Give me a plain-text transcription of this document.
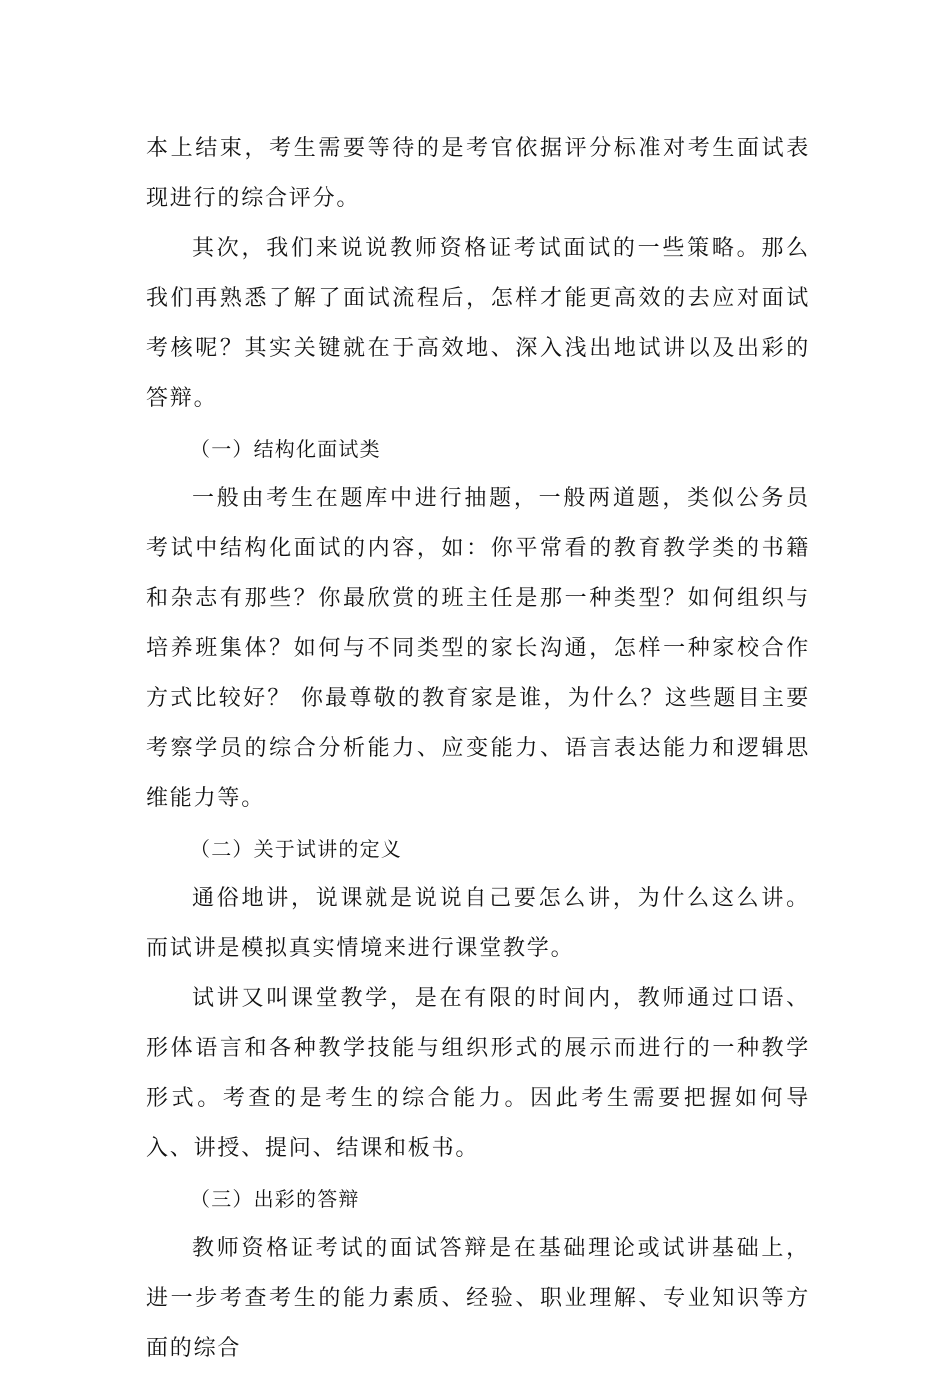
本上结束，考生需要等待的是考官依据评分标准对考生面试表现进行的综合评分。

其次，我们来说说教师资格证考试面试的一些策略。那么我们再熟悉了解了面试流程后，怎样才能更高效的去应对面试考核呢？其实关键就在于高效地、深入浅出地试讲以及出彩的答辩。

（一）结构化面试类

一般由考生在题库中进行抽题，一般两道题，类似公务员考试中结构化面试的内容，如：你平常看的教育教学类的书籍和杂志有那些？你最欣赏的班主任是那一种类型？如何组织与培养班集体？如何与不同类型的家长沟通，怎样一种家校合作方式比较好？ 你最尊敬的教育家是谁，为什么？这些题目主要考察学员的综合分析能力、应变能力、语言表达能力和逻辑思维能力等。

（二）关于试讲的定义

通俗地讲，说课就是说说自己要怎么讲，为什么这么讲。而试讲是模拟真实情境来进行课堂教学。

试讲又叫课堂教学，是在有限的时间内，教师通过口语、形体语言和各种教学技能与组织形式的展示而进行的一种教学形式。考查的是考生的综合能力。因此考生需要把握如何导入、讲授、提问、结课和板书。

（三）出彩的答辩

教师资格证考试的面试答辩是在基础理论或试讲基础上，进一步考查考生的能力素质、经验、职业理解、专业知识等方面的综合
